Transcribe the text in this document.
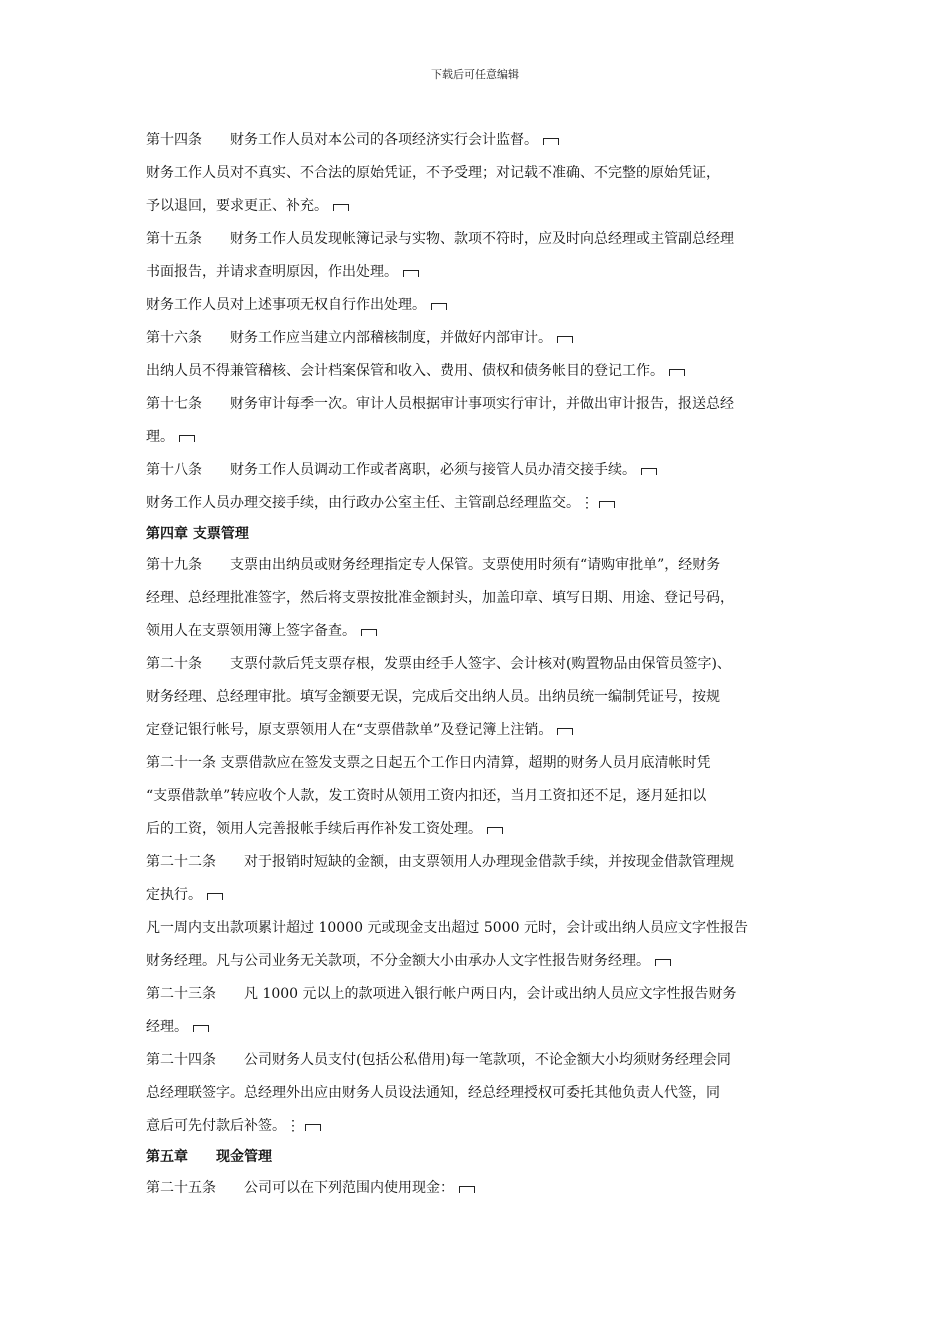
下载后可任意编辑
第十四条　　财务工作人员对本公司的各项经济实行会计监督。
财务工作人员对不真实、不合法的原始凭证，不予受理；对记载不准确、不完整的原始凭证，
予以退回，要求更正、补充。
第十五条　　财务工作人员发现帐簿记录与实物、款项不符时，应及时向总经理或主管副总经理
书面报告，并请求查明原因，作出处理。
财务工作人员对上述事项无权自行作出处理。
第十六条　　财务工作应当建立内部稽核制度，并做好内部审计。
出纳人员不得兼管稽核、会计档案保管和收入、费用、债权和债务帐目的登记工作。
第十七条　　财务审计每季一次。审计人员根据审计事项实行审计，并做出审计报告，报送总经
理。
第十八条　　财务工作人员调动工作或者离职，必须与接管人员办清交接手续。
财务工作人员办理交接手续，由行政办公室主任、主管副总经理监交。⋮
第四章 支票管理
第十九条　　支票由出纳员或财务经理指定专人保管。支票使用时须有“请购审批单”，经财务
经理、总经理批准签字，然后将支票按批准金额封头，加盖印章、填写日期、用途、登记号码，
领用人在支票领用簿上签字备查。
第二十条　　支票付款后凭支票存根，发票由经手人签字、会计核对(购置物品由保管员签字)、
财务经理、总经理审批。填写金额要无误，完成后交出纳人员。出纳员统一编制凭证号，按规
定登记银行帐号，原支票领用人在“支票借款单”及登记簿上注销。
第二十一条 支票借款应在签发支票之日起五个工作日内清算，超期的财务人员月底清帐时凭
“支票借款单”转应收个人款，发工资时从领用工资内扣还，当月工资扣还不足，逐月延扣以
后的工资，领用人完善报帐手续后再作补发工资处理。
第二十二条　　对于报销时短缺的金额，由支票领用人办理现金借款手续，并按现金借款管理规
定执行。
凡一周内支出款项累计超过 10000 元或现金支出超过 5000 元时，会计或出纳人员应文字性报告
财务经理。凡与公司业务无关款项，不分金额大小由承办人文字性报告财务经理。
第二十三条　　凡 1000 元以上的款项进入银行帐户两日内，会计或出纳人员应文字性报告财务
经理。
第二十四条　　公司财务人员支付(包括公私借用)每一笔款项，不论金额大小均须财务经理会同
总经理联签字。总经理外出应由财务人员设法通知，经总经理授权可委托其他负责人代签，同
意后可先付款后补签。⋮
第五章　　现金管理
第二十五条　　公司可以在下列范围内使用现金：
